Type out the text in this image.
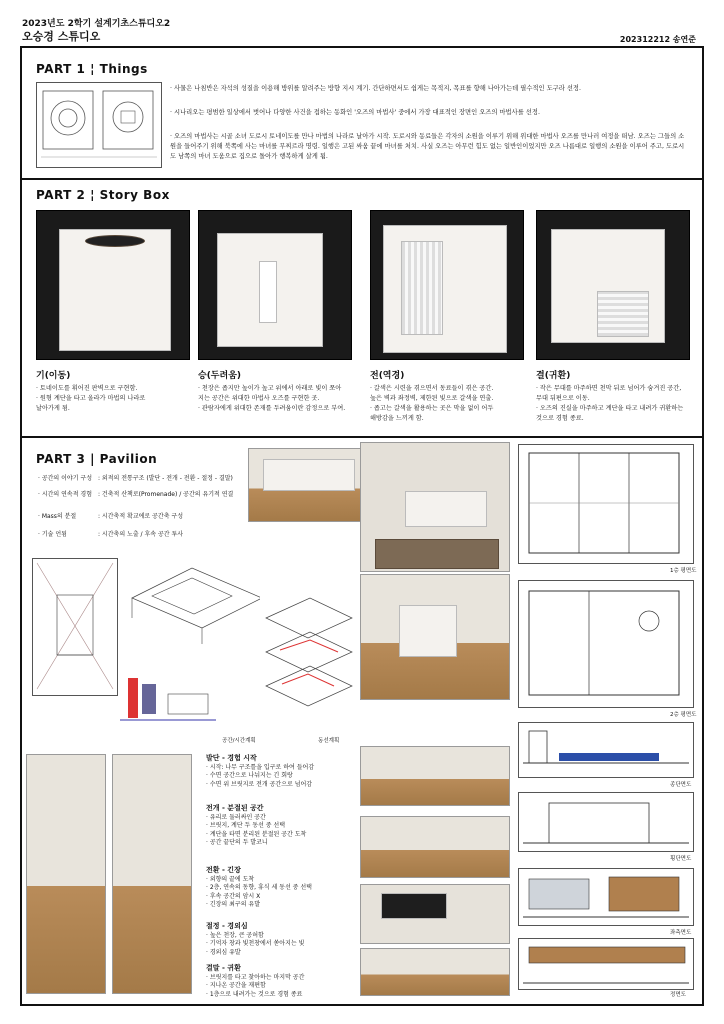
2023년도 2학기 설계기초스튜디오2
오승경 스튜디오	202312212 송연준
PART 1 ¦ Things
· 사물은 나침반은 자석의 성질을 이용해 방위를 알려주는 방향 지시 계기. 간단하면서도 쉽게는 목적지, 목표를 향해 나아가는데 필수적인 도구라 선정.
· 시나리오는 평범한 일상에서 벗어나 다양한 사건을 접하는 동화인 '오즈의 마법사' 중에서 가장 대표적인 장면인 오즈의 마법사를 선정.
· 오즈의 마법사는 시골 소녀 도로시 토네이도를 만나 마법의 나라로 날아가 시작. 도로시와 동료들은 각자의 소원을 이루기 위해 위대한 마법사 오즈를 만나러 여정을 떠남. 오즈는 그들의 소원을 들어주기 위해 북쪽에 사는 마녀를 무찌르라 명령. 일행은 고된 싸움 끝에 마녀를 처치. 사실 오즈는 아무런 힘도 없는 일반인이었지만 오즈 나름대로 일행의 소원을 이루어 주고, 도로시도 남쪽의 마녀 도움으로 집으로 돌아가 행복하게 살게 됨.
PART 2 ¦ Story Box
기(이동)	승(두려움)	전(역경)	결(귀환)
· 토네이도를 휘어진 판벽으로 구현함.
· 원형 계단을 타고 올라가 마법의 나라로
날아가게 됨.
· 천장은 좁지만 높이가 높고 위에서 아래로 빛이 쪼아
지는 공간은 위대한 마법사 오즈를 구현한 곳.
· 관람자에게 위대한 존재를 두려움이란 감정으로 부여.
· 갈색은 시련을 겪으면서 동료들이 겪은 공간.
높은 벽과 좌정벽, 제한된 빛으로 갈색을 연출.
· 좁고는 갈색을 활용하는 곳은 막을 없이 어두
해방감을 느끼게 함.
· 작은 무대를 마주하면 천막 뒤로 넘어가 숨겨진 공간,
무대 뒤편으로 이동.
· 오즈의 진실을 마주하고 계단을 타고 내려가 귀환하는
것으로 경험 종료.
PART 3 | Pavilion
· 공간의 이야기 구성 : 외적의 전통구조 (발단 - 전개 - 전환 - 절정 - 결말)
· 시간의 연속적 경험 : 건축적 산책로(Promenade) / 공간의 유기적 연결
· Mass의 분절	: 시간축적 확교에로 공간축 구성
· 기술 언됨	: 시간축의 노출 / 후속 공간 투사
공간/시간계획	동선계획
발단 - 경험 시작
· 시작: 나무 구조틀을 입구로 하여 들어감
· 수면 공간으로 나눠지는 긴 회랑
· 수면 위 브릿지로 전개 공간으로 넘어감
전개 - 분절된 공간
· 유리로 둘러싸인 공간
· 브릿지, 계단 두 동선 중 선택
· 계단을 타면 분리된 분절된 공간 도착
· 공간 끝단의 두 발코니
전환 - 긴장
· 외향의 끝에 도착
· 2층, 연속의 동향, 휴식 세 동선 중 선택
· 후속 공간의 암시 X
· 긴장의 최구의 유발
절정 - 경외심
· 높은 천장, 큰 공허함
· 기억자 창과 빛천창에서 쏟아지는 빛
· 경외심 유발
결말 - 귀환
· 브릿지를 타고 찾아하는 마지막 공간
· 지나온 공간을 재편함
· 1층으로 내려가는 것으로 경험 종료
1층 평면도
2층 평면도
물 공간
종단면도
횡단면도
좌측면도
정면도
